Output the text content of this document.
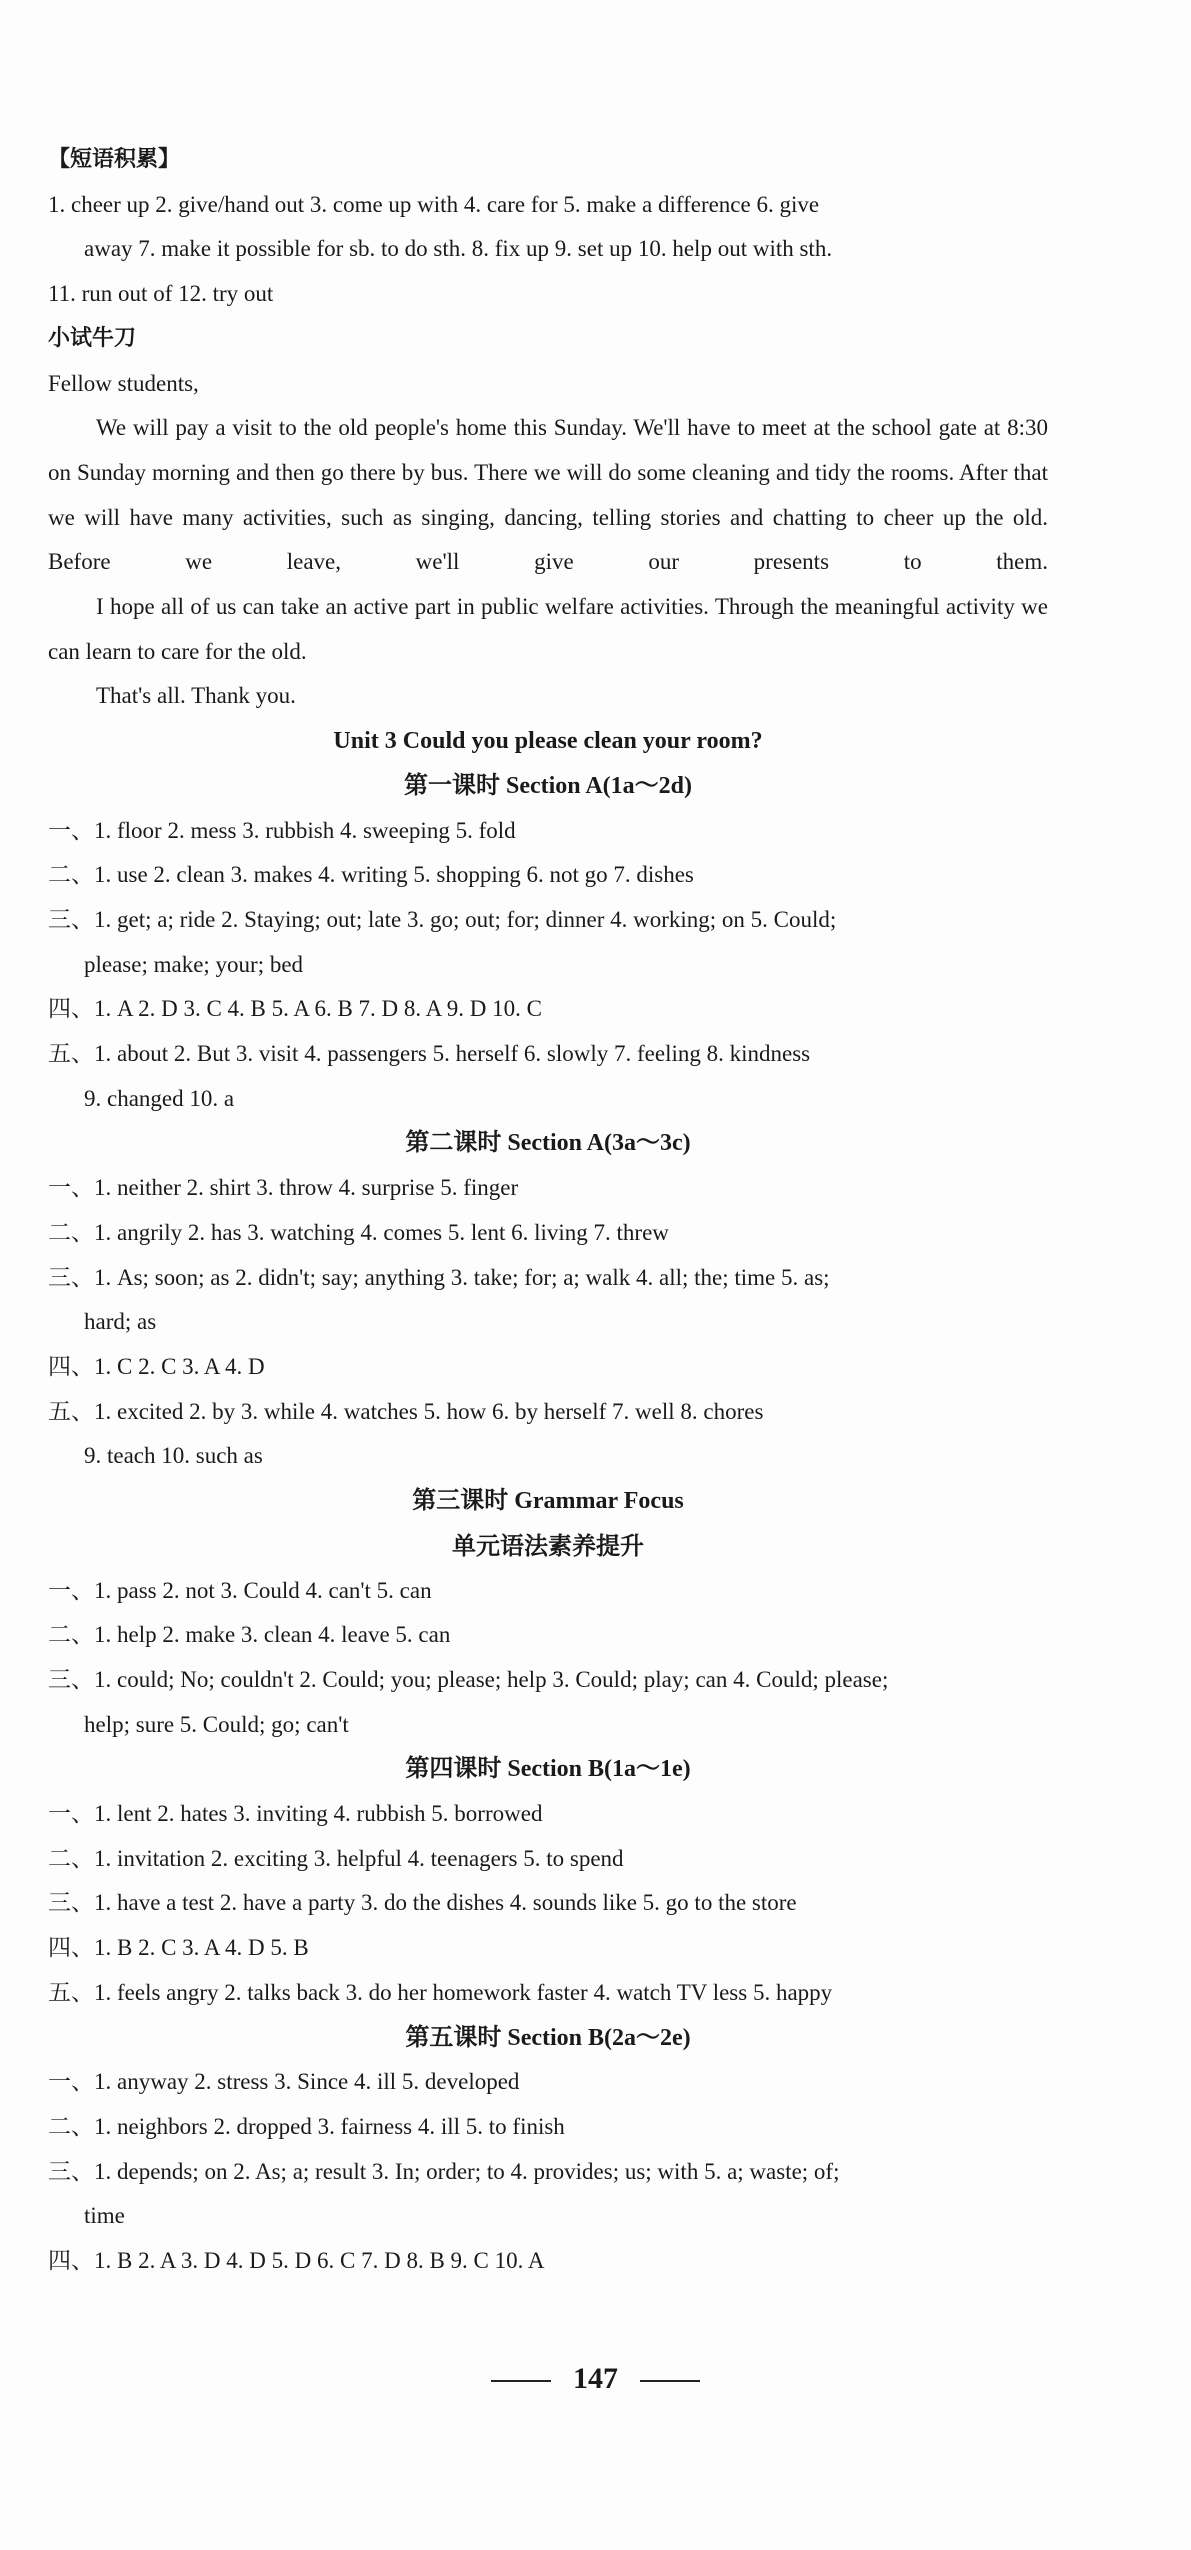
【短语积累】
1. cheer up 2. give/hand out 3. come up with 4. care for 5. make a difference 6. give
away 7. make it possible for sb. to do sth. 8. fix up 9. set up 10. help out with sth.
11. run out of 12. try out
小试牛刀
Fellow students,
We will pay a visit to the old people's home this Sunday. We'll have to meet at the school gate at 8:30 on Sunday morning and then go there by bus. There we will do some cleaning and tidy the rooms. After that we will have many activities, such as singing, dancing, telling stories and chatting to cheer up the old. Before we leave, we'll give our presents to them.
I hope all of us can take an active part in public welfare activities. Through the meaningful activity we can learn to care for the old.
That's all. Thank you.
Unit 3 Could you please clean your room?
第一课时 Section A(1a～2d)
一、1. floor 2. mess 3. rubbish 4. sweeping 5. fold
二、1. use 2. clean 3. makes 4. writing 5. shopping 6. not go 7. dishes
三、1. get; a; ride 2. Staying; out; late 3. go; out; for; dinner 4. working; on 5. Could;
please; make; your; bed
四、1. A 2. D 3. C 4. B 5. A 6. B 7. D 8. A 9. D 10. C
五、1. about 2. But 3. visit 4. passengers 5. herself 6. slowly 7. feeling 8. kindness
9. changed 10. a
第二课时 Section A(3a～3c)
一、1. neither 2. shirt 3. throw 4. surprise 5. finger
二、1. angrily 2. has 3. watching 4. comes 5. lent 6. living 7. threw
三、1. As; soon; as 2. didn't; say; anything 3. take; for; a; walk 4. all; the; time 5. as;
hard; as
四、1. C 2. C 3. A 4. D
五、1. excited 2. by 3. while 4. watches 5. how 6. by herself 7. well 8. chores
9. teach 10. such as
第三课时 Grammar Focus
单元语法素养提升
一、1. pass 2. not 3. Could 4. can't 5. can
二、1. help 2. make 3. clean 4. leave 5. can
三、1. could; No; couldn't 2. Could; you; please; help 3. Could; play; can 4. Could; please;
help; sure 5. Could; go; can't
第四课时 Section B(1a～1e)
一、1. lent 2. hates 3. inviting 4. rubbish 5. borrowed
二、1. invitation 2. exciting 3. helpful 4. teenagers 5. to spend
三、1. have a test 2. have a party 3. do the dishes 4. sounds like 5. go to the store
四、1. B 2. C 3. A 4. D 5. B
五、1. feels angry 2. talks back 3. do her homework faster 4. watch TV less 5. happy
第五课时 Section B(2a～2e)
一、1. anyway 2. stress 3. Since 4. ill 5. developed
二、1. neighbors 2. dropped 3. fairness 4. ill 5. to finish
三、1. depends; on 2. As; a; result 3. In; order; to 4. provides; us; with 5. a; waste; of;
time
四、1. B 2. A 3. D 4. D 5. D 6. C 7. D 8. B 9. C 10. A
147
